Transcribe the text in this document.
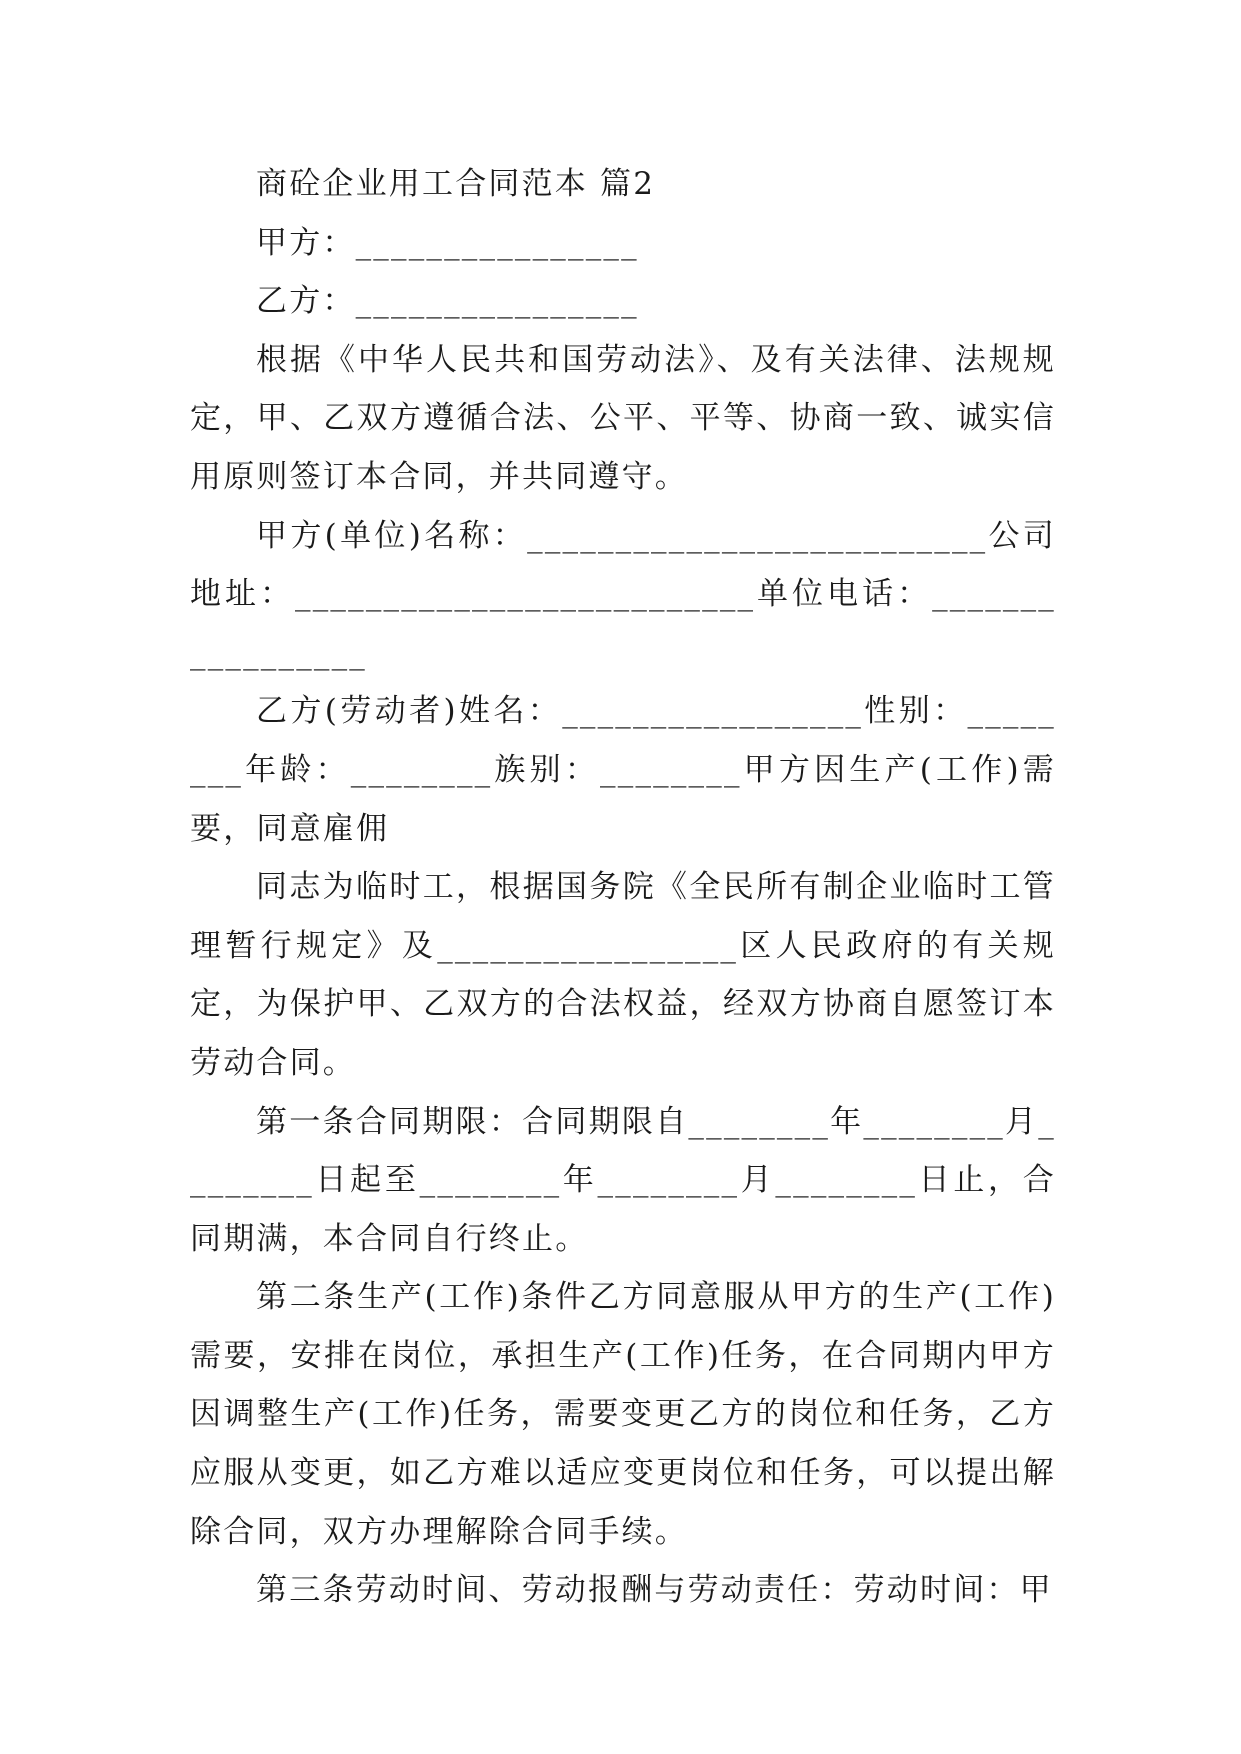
商砼企业用工合同范本 篇2

甲方：________________

乙方：________________

根据《中华人民共和国劳动法》、及有关法律、法规规定，甲、乙双方遵循合法、公平、平等、协商一致、诚实信用原则签订本合同，并共同遵守。

甲方(单位)名称：__________________________公司地址：__________________________单位电话：_________________

乙方(劳动者)姓名：_________________性别：________年龄：________族别：________甲方因生产(工作)需要，同意雇佣

同志为临时工，根据国务院《全民所有制企业临时工管理暂行规定》及_________________区人民政府的有关规定，为保护甲、乙双方的合法权益，经双方协商自愿签订本劳动合同。

第一条合同期限：合同期限自________年________月________日起至________年________月________日止，合同期满，本合同自行终止。

第二条生产(工作)条件乙方同意服从甲方的生产(工作)需要，安排在岗位，承担生产(工作)任务，在合同期内甲方因调整生产(工作)任务，需要变更乙方的岗位和任务，乙方应服从变更，如乙方难以适应变更岗位和任务，可以提出解除合同，双方办理解除合同手续。

第三条劳动时间、劳动报酬与劳动责任：劳动时间：甲
